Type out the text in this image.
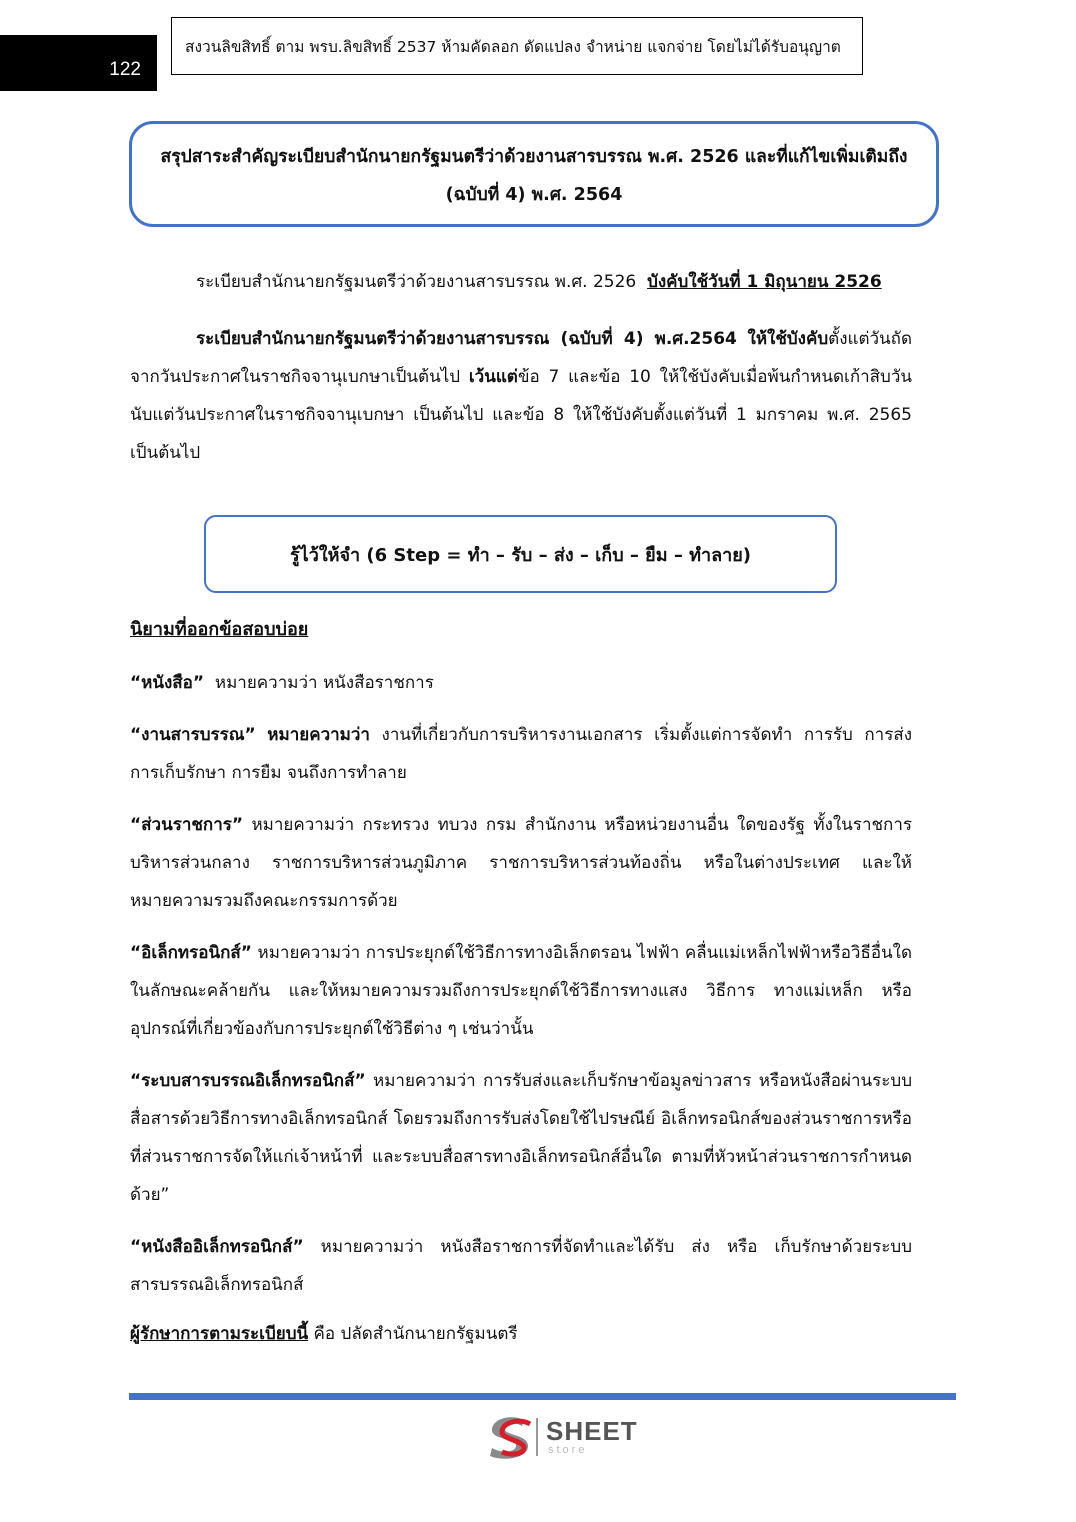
122
สงวนลิขสิทธิ์ ตาม พรบ.ลิขสิทธิ์ 2537 ห้ามคัดลอก ดัดแปลง จำหน่าย แจกจ่าย โดยไม่ได้รับอนุญาต
สรุปสาระสำคัญระเบียบสำนักนายกรัฐมนตรีว่าด้วยงานสารบรรณ พ.ศ. 2526 และที่แก้ไขเพิ่มเติมถึง
(ฉบับที่ 4) พ.ศ. 2564
ระเบียบสำนักนายกรัฐมนตรีว่าด้วยงานสารบรรณ พ.ศ. 2526 บังคับใช้วันที่ 1 มิถุนายน 2526
ระเบียบสำนักนายกรัฐมนตรีว่าด้วยงานสารบรรณ (ฉบับที่ 4) พ.ศ.2564 ให้ใช้บังคับตั้งแต่วันถัดจากวันประกาศในราชกิจจานุเบกษาเป็นต้นไป เว้นแต่ข้อ 7 และข้อ 10 ให้ใช้บังคับเมื่อพ้นกำหนดเก้าสิบวันนับแต่วันประกาศในราชกิจจานุเบกษา เป็นต้นไป และข้อ 8 ให้ใช้บังคับตั้งแต่วันที่ 1 มกราคม พ.ศ. 2565 เป็นต้นไป
รู้ไว้ให้จำ (6 Step = ทำ – รับ – ส่ง – เก็บ – ยืม – ทำลาย)
นิยามที่ออกข้อสอบบ่อย

“หนังสือ” หมายความว่า หนังสือราชการ

“งานสารบรรณ” หมายความว่า งานที่เกี่ยวกับการบริหารงานเอกสาร เริ่มตั้งแต่การจัดทำ การรับ การส่ง การเก็บรักษา การยืม จนถึงการทำลาย

“ส่วนราชการ” หมายความว่า กระทรวง ทบวง กรม สำนักงาน หรือหน่วยงานอื่น ใดของรัฐ ทั้งในราชการบริหารส่วนกลาง ราชการบริหารส่วนภูมิภาค ราชการบริหารส่วนท้องถิ่น หรือในต่างประเทศ และให้หมายความรวมถึงคณะกรรมการด้วย

“อิเล็กทรอนิกส์” หมายความว่า การประยุกต์ใช้วิธีการทางอิเล็กตรอน ไฟฟ้า คลื่นแม่เหล็กไฟฟ้าหรือวิธีอื่นใดในลักษณะคล้ายกัน และให้หมายความรวมถึงการประยุกต์ใช้วิธีการทางแสง วิธีการ ทางแม่เหล็ก หรืออุปกรณ์ที่เกี่ยวข้องกับการประยุกต์ใช้วิธีต่าง ๆ เช่นว่านั้น

“ระบบสารบรรณอิเล็กทรอนิกส์” หมายความว่า การรับส่งและเก็บรักษาข้อมูลข่าวสาร หรือหนังสือผ่านระบบสื่อสารด้วยวิธีการทางอิเล็กทรอนิกส์ โดยรวมถึงการรับส่งโดยใช้ไปรษณีย์ อิเล็กทรอนิกส์ของส่วนราชการหรือที่ส่วนราชการจัดให้แก่เจ้าหน้าที่ และระบบสื่อสารทางอิเล็กทรอนิกส์อื่นใด ตามที่หัวหน้าส่วนราชการกำหนดด้วย”

“หนังสืออิเล็กทรอนิกส์” หมายความว่า หนังสือราชการที่จัดทำและได้รับ ส่ง หรือ เก็บรักษาด้วยระบบสารบรรณอิเล็กทรอนิกส์

ผู้รักษาการตามระเบียบนี้ คือ ปลัดสำนักนายกรัฐมนตรี
SHEET
store
